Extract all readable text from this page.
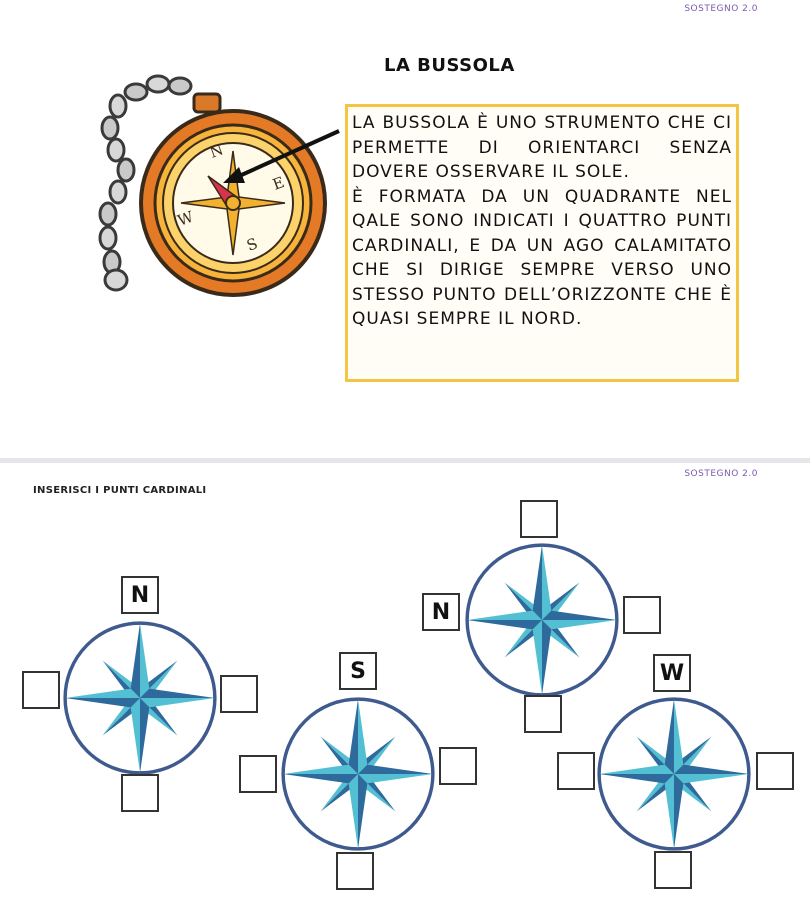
SOSTEGNO 2.0
LA BUSSOLA
N
E
S
W

LA BUSSOLA È UNO STRUMENTO CHE CI PERMETTE DI ORIENTARCI SENZA DOVERE OSSERVARE IL SOLE.

È FORMATA DA UN QUADRANTE NEL QALE SONO INDICATI I QUATTRO PUNTI CARDINALI, E DA UN AGO CALAMITATO CHE SI DIRIGE SEMPRE VERSO UNO STESSO PUNTO DELL’ORIZZONTE CHE È QUASI SEMPRE IL NORD.

SOSTEGNO 2.0
INSERISCI I PUNTI CARDINALI
N
S
N
W
